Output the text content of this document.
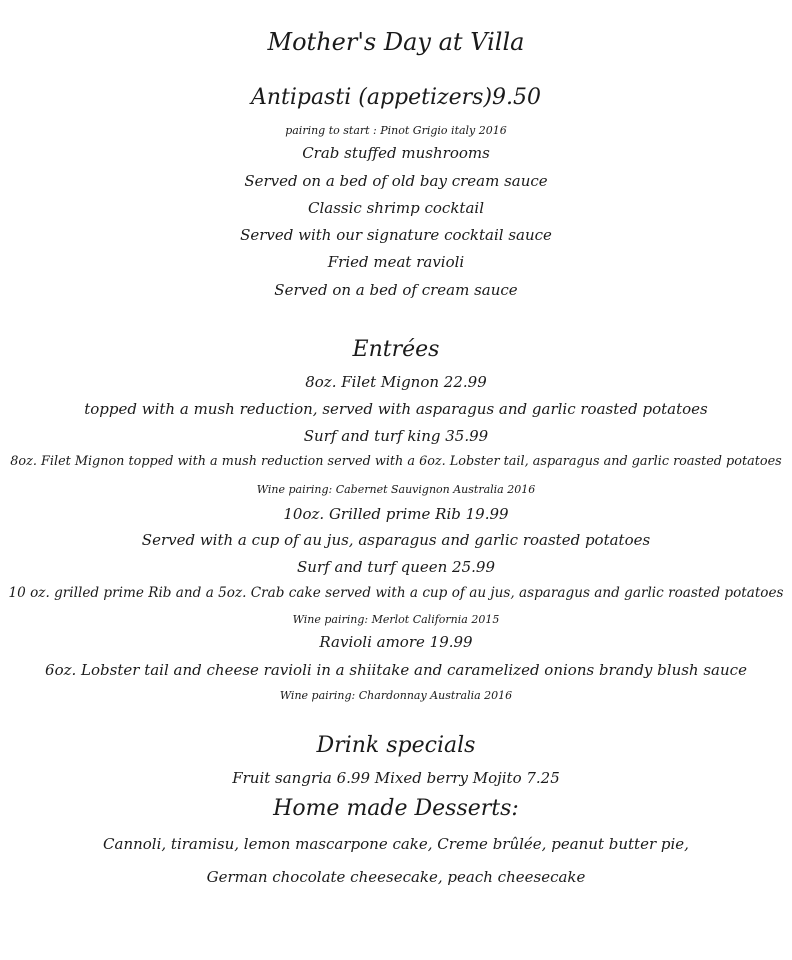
Mother's Day at Villa
Antipasti (appetizers)9.50
pairing to start : Pinot Grigio italy 2016
Crab stuffed mushrooms
Served on a bed of old bay cream sauce
Classic shrimp cocktail
Served with our signature cocktail sauce
Fried meat ravioli
Served on a bed of cream sauce
Entrées
8oz. Filet Mignon 22.99
topped with a mush reduction, served with asparagus and garlic roasted potatoes
Surf and turf king 35.99
8oz. Filet Mignon topped with a mush reduction served with a 6oz. Lobster tail, asparagus and garlic roasted potatoes
Wine pairing: Cabernet Sauvignon Australia 2016
10oz. Grilled prime Rib 19.99
Served with a cup of au jus, asparagus and garlic roasted potatoes
Surf and turf queen 25.99
10 oz. grilled prime Rib and a 5oz. Crab cake served with a cup of au jus, asparagus and garlic roasted potatoes
Wine pairing: Merlot California 2015
Ravioli amore 19.99
6oz. Lobster tail and cheese ravioli in a shiitake and caramelized onions brandy blush sauce
Wine pairing: Chardonnay Australia 2016
Drink specials
Fruit sangria 6.99 Mixed berry Mojito 7.25
Home made Desserts:
Cannoli, tiramisu, lemon mascarpone cake, Creme brûlée, peanut butter pie,
German chocolate cheesecake, peach cheesecake
